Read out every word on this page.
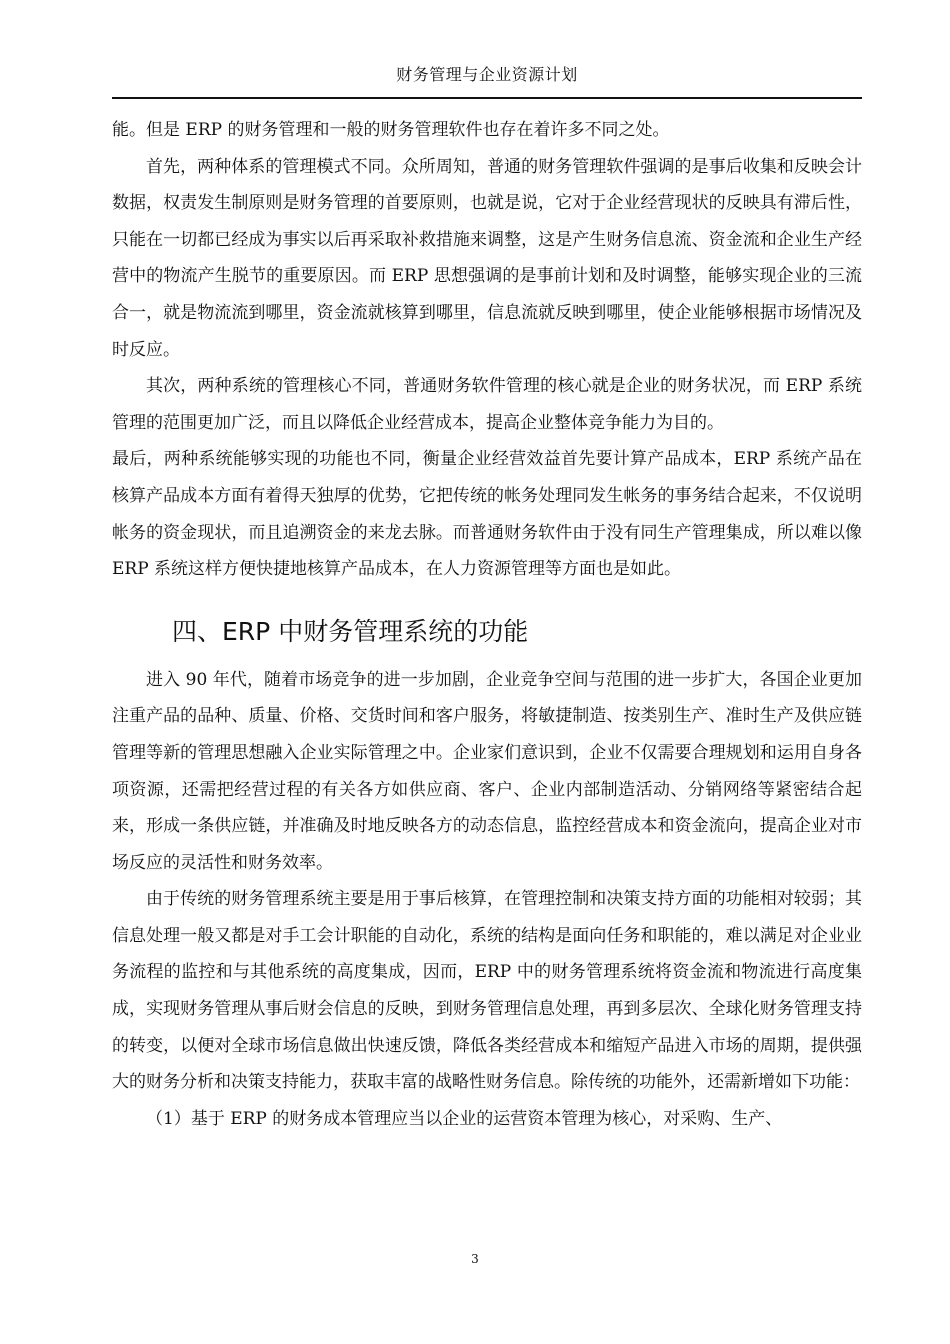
财务管理与企业资源计划

能。但是 ERP 的财务管理和一般的财务管理软件也存在着许多不同之处。

首先，两种体系的管理模式不同。众所周知，普通的财务管理软件强调的是事后收集和反映会计数据，权责发生制原则是财务管理的首要原则，也就是说，它对于企业经营现状的反映具有滞后性，只能在一切都已经成为事实以后再采取补救措施来调整，这是产生财务信息流、资金流和企业生产经营中的物流产生脱节的重要原因。而 ERP 思想强调的是事前计划和及时调整，能够实现企业的三流合一，就是物流流到哪里，资金流就核算到哪里，信息流就反映到哪里，使企业能够根据市场情况及时反应。

其次，两种系统的管理核心不同，普通财务软件管理的核心就是企业的财务状况，而 ERP 系统管理的范围更加广泛，而且以降低企业经营成本，提高企业整体竞争能力为目的。

最后，两种系统能够实现的功能也不同，衡量企业经营效益首先要计算产品成本，ERP 系统产品在核算产品成本方面有着得天独厚的优势，它把传统的帐务处理同发生帐务的事务结合起来，不仅说明帐务的资金现状，而且追溯资金的来龙去脉。而普通财务软件由于没有同生产管理集成，所以难以像 ERP 系统这样方便快捷地核算产品成本，在人力资源管理等方面也是如此。

四、ERP 中财务管理系统的功能

进入 90 年代，随着市场竞争的进一步加剧，企业竞争空间与范围的进一步扩大，各国企业更加注重产品的品种、质量、价格、交货时间和客户服务，将敏捷制造、按类别生产、准时生产及供应链管理等新的管理思想融入企业实际管理之中。企业家们意识到，企业不仅需要合理规划和运用自身各项资源，还需把经营过程的有关各方如供应商、客户、企业内部制造活动、分销网络等紧密结合起来，形成一条供应链，并准确及时地反映各方的动态信息，监控经营成本和资金流向，提高企业对市场反应的灵活性和财务效率。

由于传统的财务管理系统主要是用于事后核算，在管理控制和决策支持方面的功能相对较弱；其信息处理一般又都是对手工会计职能的自动化，系统的结构是面向任务和职能的，难以满足对企业业务流程的监控和与其他系统的高度集成，因而，ERP 中的财务管理系统将资金流和物流进行高度集成，实现财务管理从事后财会信息的反映，到财务管理信息处理，再到多层次、全球化财务管理支持的转变，以便对全球市场信息做出快速反馈，降低各类经营成本和缩短产品进入市场的周期，提供强大的财务分析和决策支持能力，获取丰富的战略性财务信息。除传统的功能外，还需新增如下功能：

（1）基于 ERP 的财务成本管理应当以企业的运营资本管理为核心，对采购、生产、

3
